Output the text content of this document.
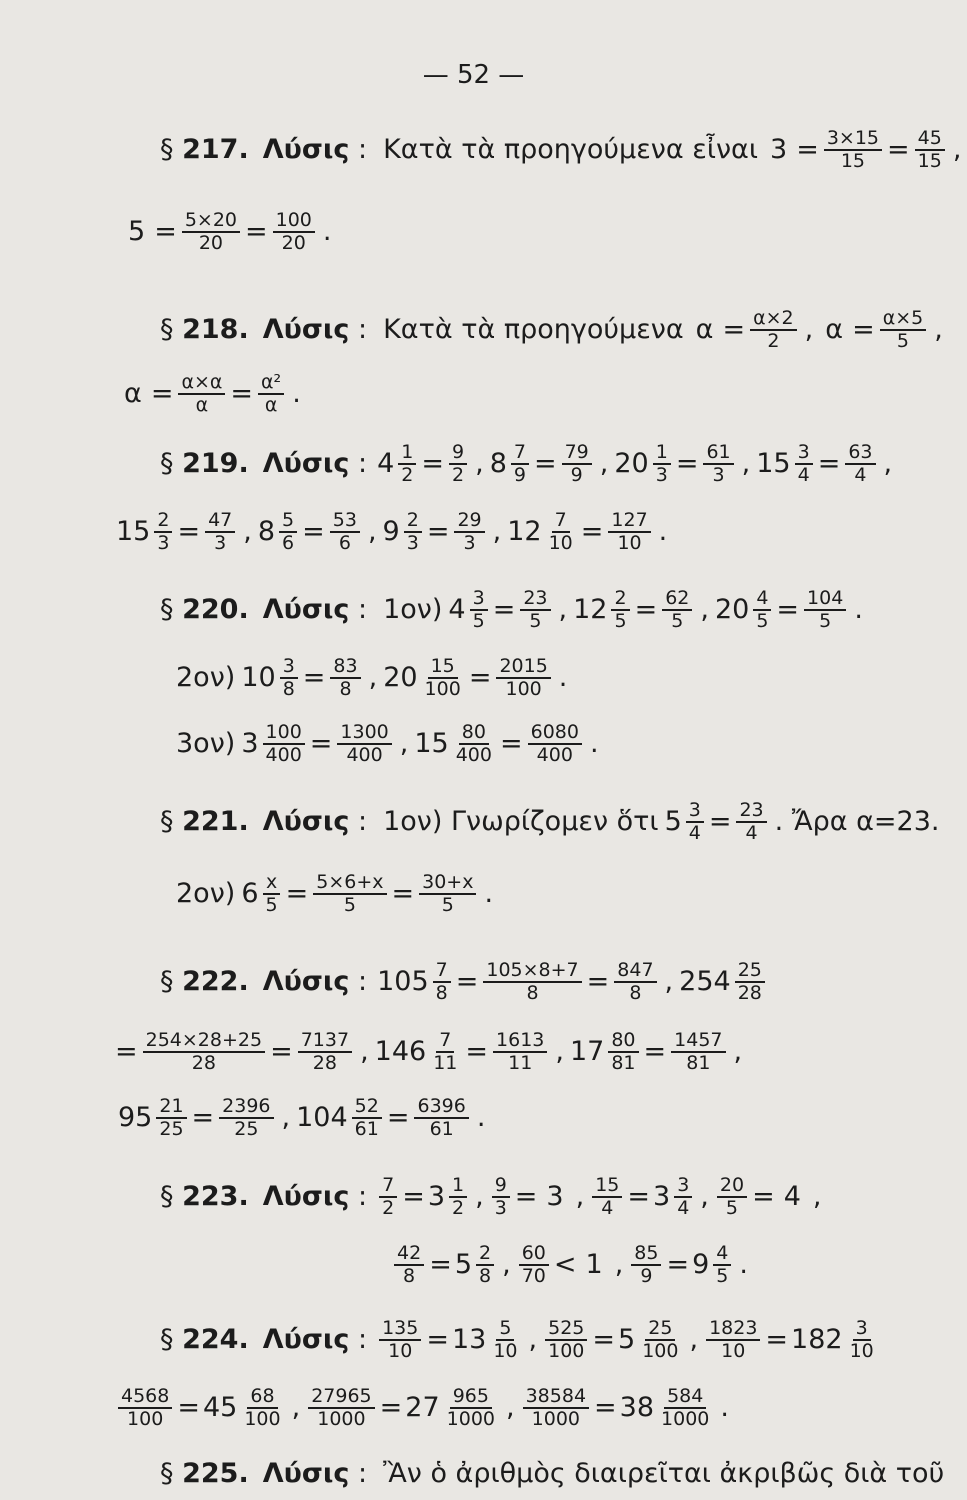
— 52 —
§ 217. Λύσις : Κατὰ τὰ προηγούμενα εἶναι $3 = \frac{3\times 15}{15} = \frac{45}{15}$ ,
$5 = \frac{5\times 20}{20} = \frac{100}{20}$ .
§ 218. Λύσις : Κατὰ τὰ προηγούμενα $\alpha = \frac{\alpha\times 2}{2}$ , $\alpha = \frac{\alpha\times 5}{5}$ ,
$\alpha = \frac{\alpha\times\alpha}{\alpha} = \frac{\text{α²}}{\alpha}$ .
§ 219. Λύσις : $4 \frac{1}{2} = \frac{9}{2}$ , $8 \frac{7}{9} = \frac{79}{9}$ , $20 \frac{1}{3} = \frac{61}{3}$ , $15 \frac{3}{4} = \frac{63}{4}$ ,
$15 \frac{2}{3} = \frac{47}{3}$ , $8 \frac{5}{6} = \frac{53}{6}$ , $9 \frac{2}{3} = \frac{29}{3}$ , $12 \frac{7}{10} = \frac{127}{10}$ .
§ 220. Λύσις : 1ον) $4 \frac{3}{5} = \frac{23}{5}$ , $12 \frac{2}{5} = \frac{62}{5}$ , $20 \frac{4}{5} = \frac{104}{5}$ .
2ον) $10 \frac{3}{8} = \frac{83}{8}$ , $20 \frac{15}{100} = \frac{2015}{100}$ .
3ον) $3 \frac{100}{400} = \frac{1300}{400}$ , $15 \frac{80}{400} = \frac{6080}{400}$ .
§ 221. Λύσις : 1ον) Γνωρίζομεν ὅτι $5 \frac{3}{4} = \frac{23}{4}$ . Ἄρα α=23.
2ον) $6 \frac{x}{5} = \frac{5\times 6+x}{5} = \frac{30+x}{5}$ .
§ 222. Λύσις : $105 \frac{7}{8} = \frac{105\times 8+7}{8} = \frac{847}{8}$ , $254 \frac{25}{28}$
= $\frac{254\times 28+25}{28} = \frac{7137}{28}$ , $146 \frac{7}{11} = \frac{1613}{11}$ , $17 \frac{80}{81} = \frac{1457}{81}$ ,
$95 \frac{21}{25} = \frac{2396}{25}$ , $104 \frac{52}{61} = \frac{6396}{61}$ .
§ 223. Λύσις : $\frac{7}{2} = 3 \frac{1}{2}$ , $\frac{9}{3} = 3$ , $\frac{15}{4} = 3 \frac{3}{4}$ , $\frac{20}{5} = 4$ ,
$\frac{42}{8} = 5 \frac{2}{8}$ , $\frac{60}{70} < 1$ , $\frac{85}{9} = 9 \frac{4}{5}$ .
§ 224. Λύσις : $\frac{135}{10} = 13 \frac{5}{10}$ , $\frac{525}{100} = 5 \frac{25}{100}$ , $\frac{1823}{10} = 182 \frac{3}{10}$
$\frac{4568}{100} = 45 \frac{68}{100}$ , $\frac{27965}{1000} = 27 \frac{965}{1000}$ , $\frac{38584}{1000} = 38 \frac{584}{1000}$ .
§ 225. Λύσις : Ἂν ὁ ἀριθμὸς διαιρεῖται ἀκριβῶς διὰ τοῦ
